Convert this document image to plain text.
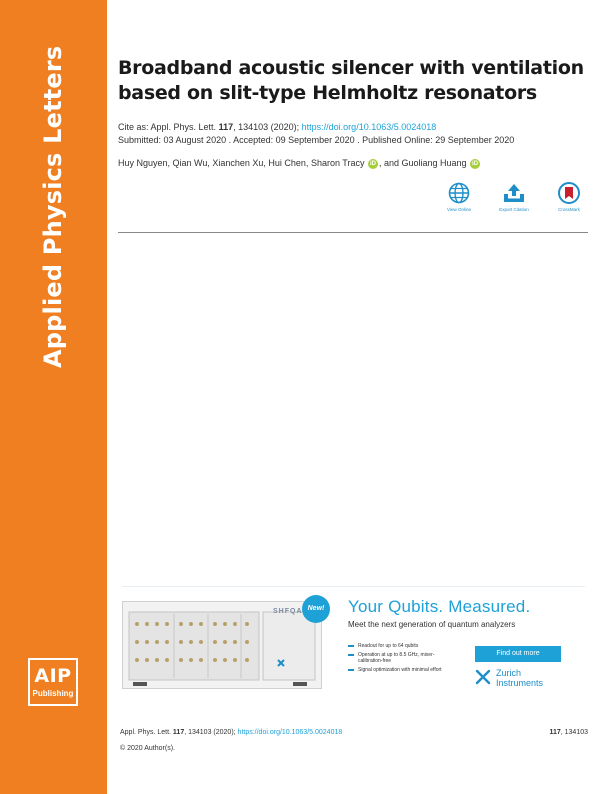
Applied Physics Letters
AIP
Publishing
Broadband acoustic silencer with ventilation based on slit-type Helmholtz resonators
Cite as: Appl. Phys. Lett. 117, 134103 (2020); https://doi.org/10.1063/5.0024018
Submitted: 03 August 2020 . Accepted: 09 September 2020 . Published Online: 29 September 2020
Huy Nguyen, Qian Wu, Xianchen Xu, Hui Chen, Sharon Tracy iD , and Guoliang Huang iD
View Online	Export Citation	CrossMark
SHFQA New!	Your Qubits. Measured.
Meet the next generation of quantum analyzers
Readout for up to 64 qubits
Operation at up to 8.5 GHz, mixer-calibration-free
Signal optimization with minimal effort
Find out more
Zurich
Instruments
Appl. Phys. Lett. 117, 134103 (2020); https://doi.org/10.1063/5.0024018	117, 134103
© 2020 Author(s).
